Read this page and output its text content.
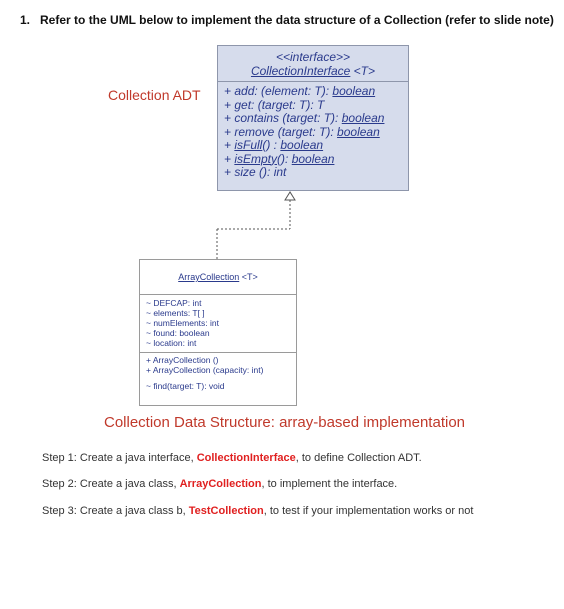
1. Refer to the UML below to implement the data structure of a Collection (refer to slide note)
Collection ADT
<<interface>>
CollectionInterface <T>
+ add: (element: T): boolean
+ get: (target: T): T
+ contains (target: T): boolean
+ remove (target: T): boolean
+ isFull() : boolean
+ isEmpty(): boolean
+ size (): int
ArrayCollection <T>
~ DEFCAP: int
~ elements: T[ ]
~ numElements: int
~ found: boolean
~ location: int
+ ArrayCollection ()
+ ArrayCollection (capacity: int)
~ find(target: T): void
Collection Data Structure: array-based implementation
Step 1: Create a java interface, CollectionInterface, to define Collection ADT.
Step 2: Create a java class, ArrayCollection, to implement the interface.
Step 3: Create a java class b, TestCollection, to test if your implementation works or not
